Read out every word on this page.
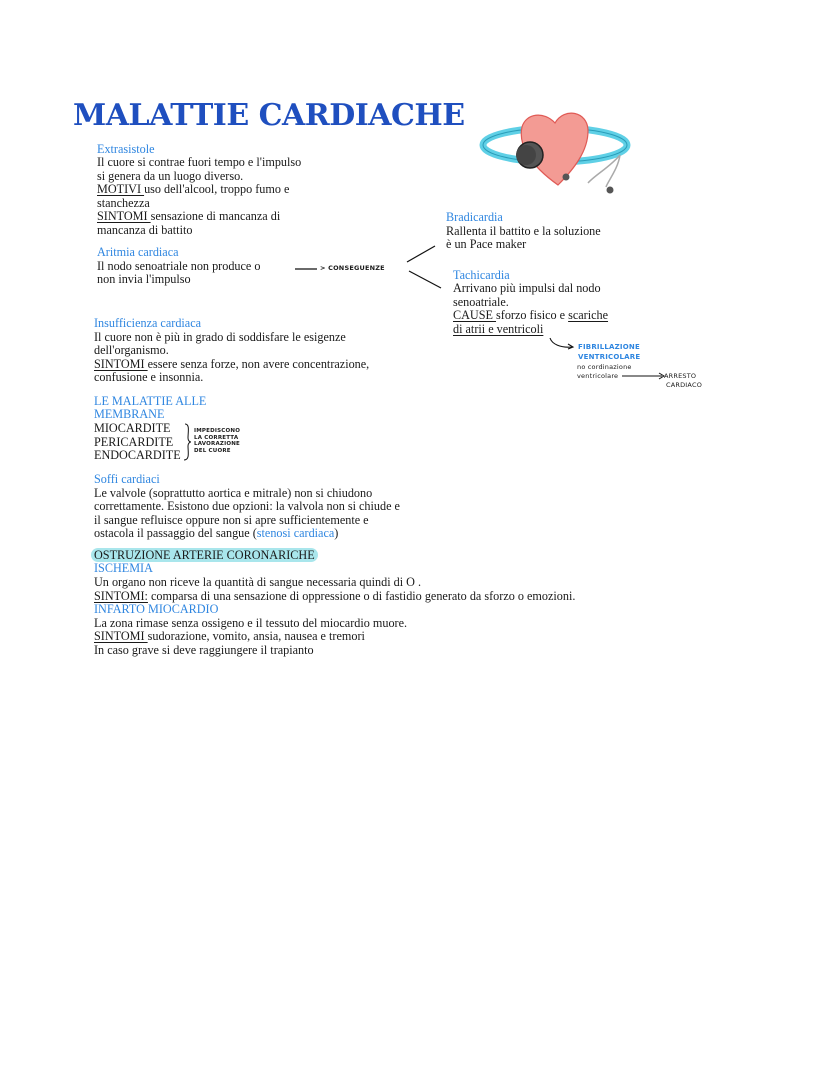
MALATTIE CARDIACHE
Extrasistole
Il cuore si contrae fuori tempo e l'impulso
si genera da un luogo diverso.
MOTIVI uso dell'alcool, troppo fumo e
stanchezza
SINTOMI sensazione di mancanza di
mancanza di battito
Aritmia cardiaca
Il nodo senoatriale non produce o
non invia l'impulso
> CONSEGUENZE
Bradicardia
Rallenta il battito e la soluzione
è un Pace maker
Tachicardia
Arrivano più impulsi dal nodo
senoatriale.
CAUSE sforzo fisico e scariche
di atrii e ventricoli
FIBRILLAZIONE
VENTRICOLARE
no cordinazione
ventricolare	ARRESTO
CARDIACO
Insufficienza cardiaca
Il cuore non è più in grado di soddisfare le esigenze
dell'organismo.
SINTOMI essere senza forze, non avere concentrazione,
confusione e insonnia.
LE MALATTIE ALLE
MEMBRANE
MIOCARDITE
PERICARDITE
ENDOCARDITE
IMPEDISCONO
LA CORRETTA
LAVORAZIONE
DEL CUORE
Soffi cardiaci
Le valvole (soprattutto aortica e mitrale) non si chiudono
correttamente. Esistono due opzioni: la valvola non si chiude e
il sangue refluisce oppure non si apre sufficientemente e
ostacola il passaggio del sangue (stenosi cardiaca)
OSTRUZIONE ARTERIE CORONARICHE
ISCHEMIA
Un organo non riceve la quantità di sangue necessaria quindi di O .
SINTOMI: comparsa di una sensazione di oppressione o di fastidio generato da sforzo o emozioni.
INFARTO MIOCARDIO
La zona rimase senza ossigeno e il tessuto del miocardio muore.
SINTOMI sudorazione, vomito, ansia, nausea e tremori
In caso grave si deve raggiungere il trapianto
